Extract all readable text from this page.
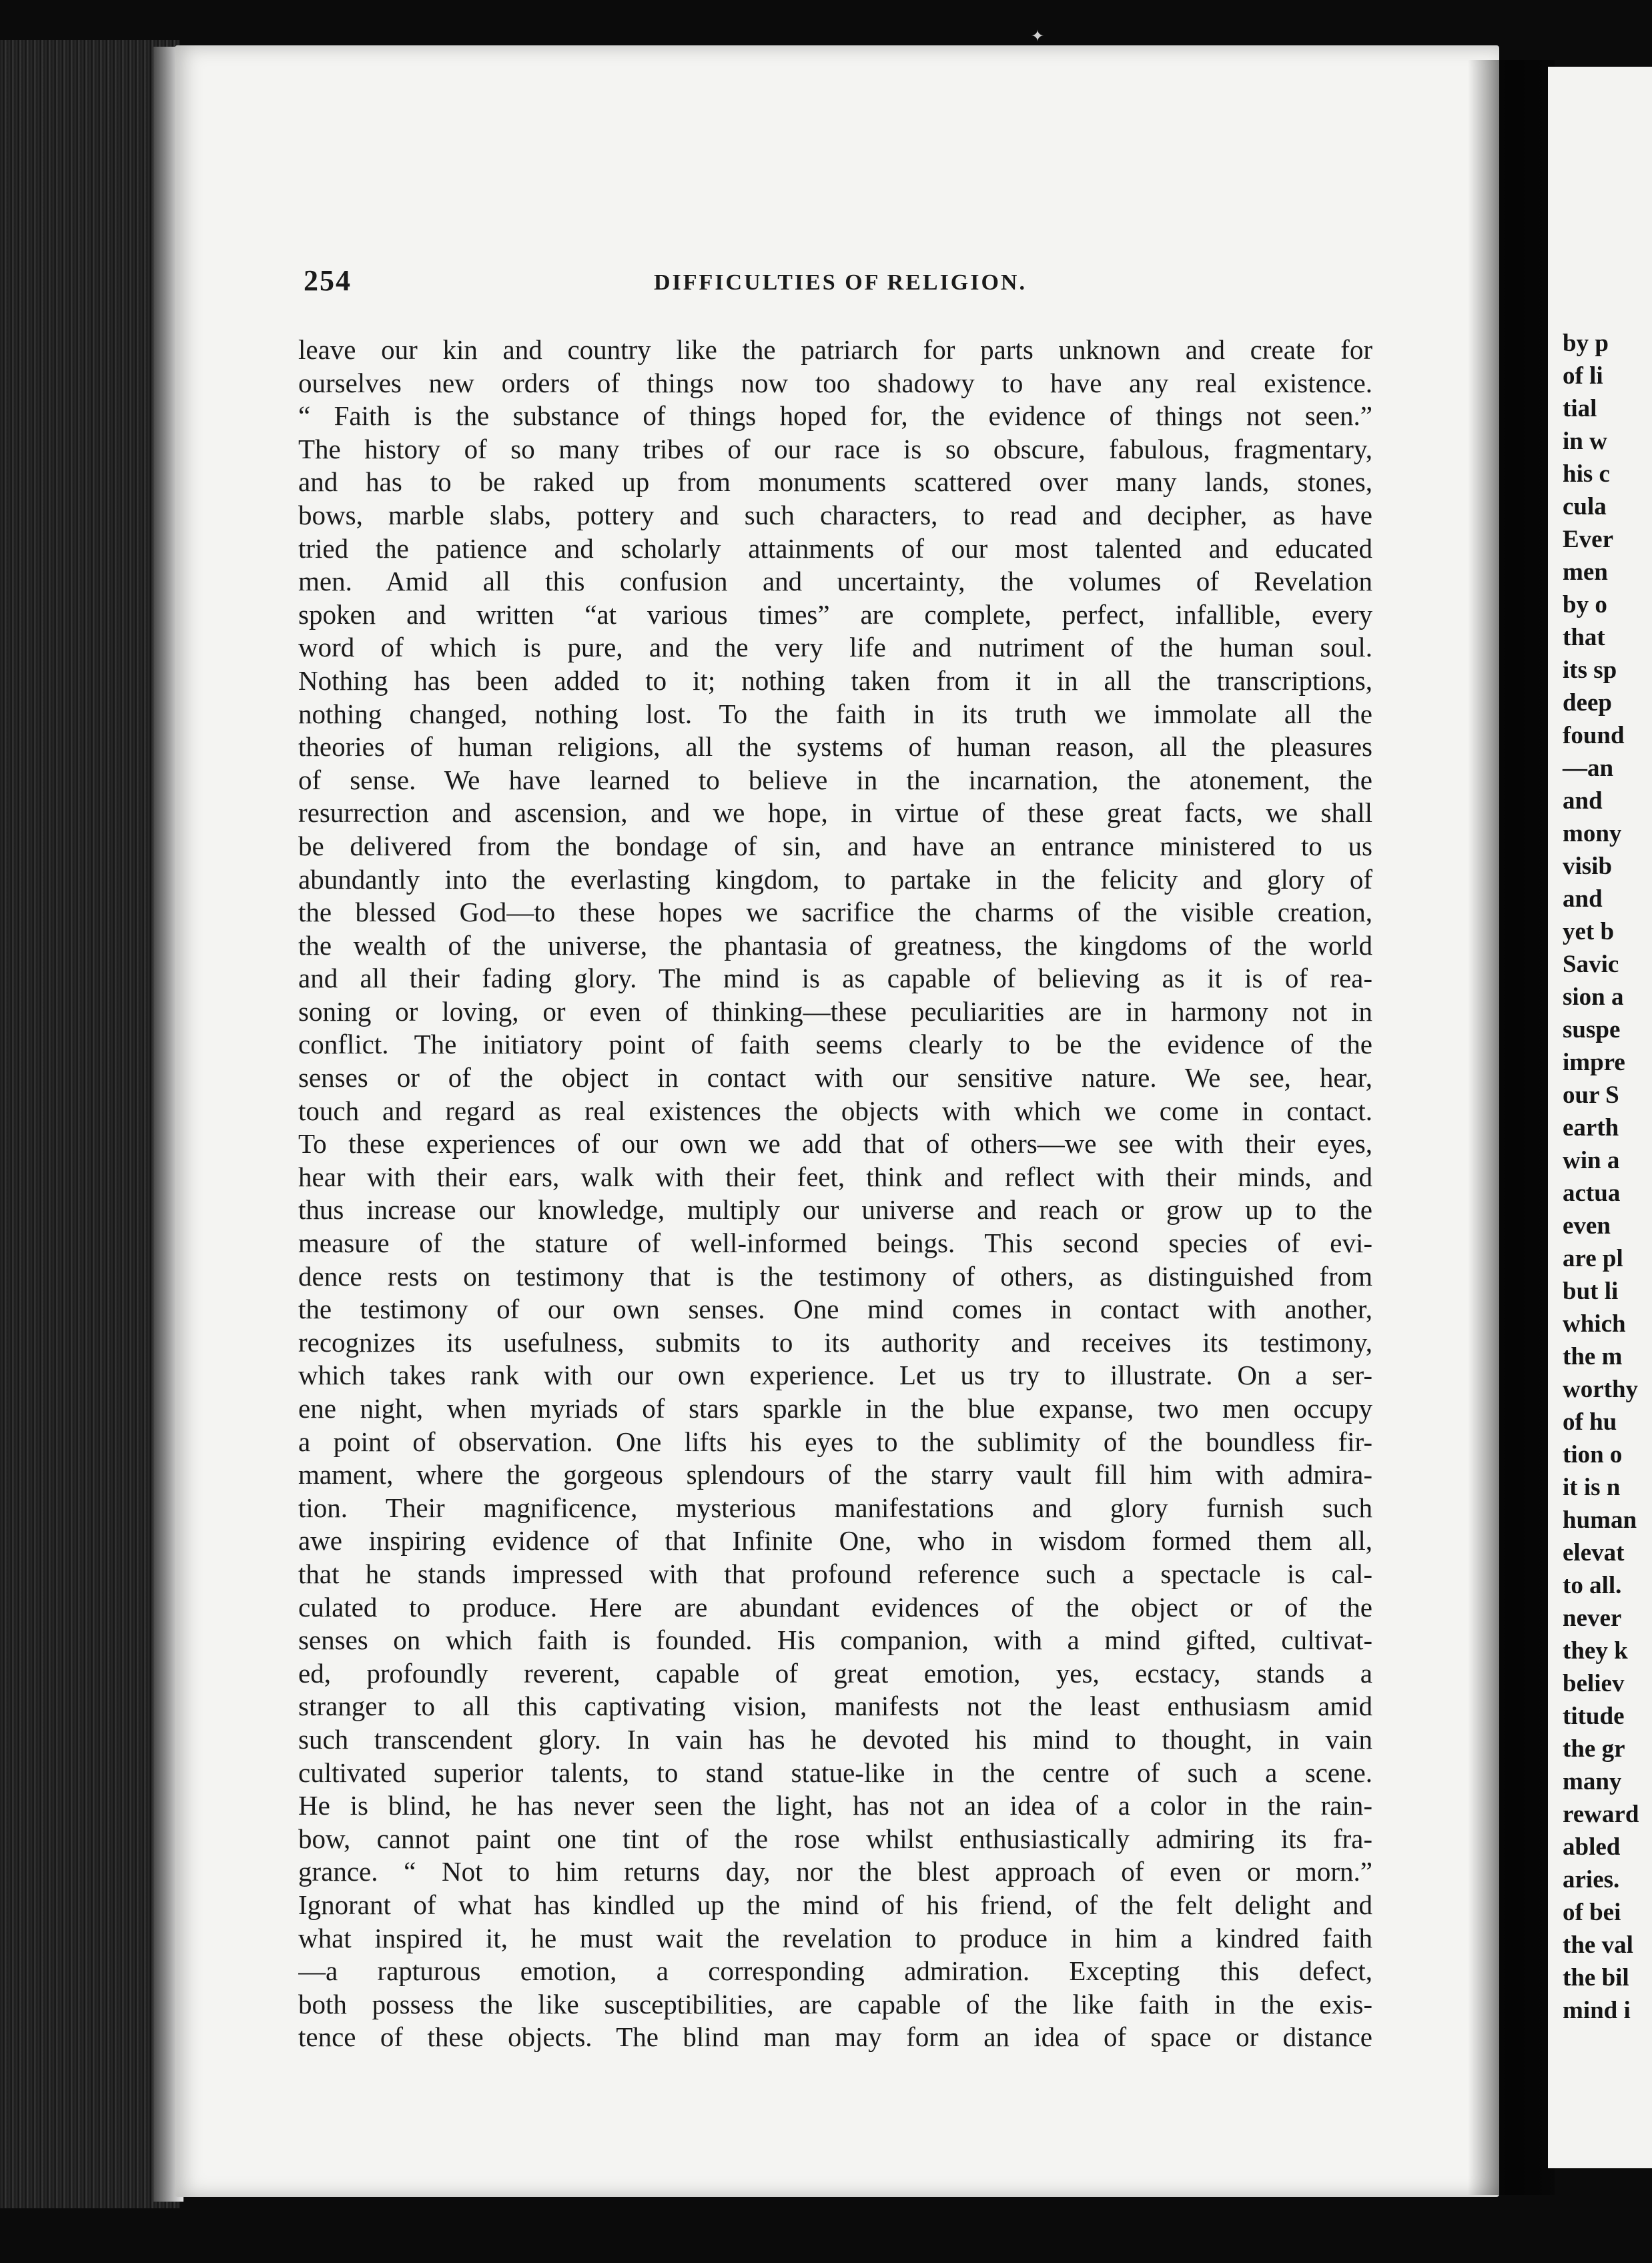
254	DIFFICULTIES OF RELIGION.
leave our kin and country like the patriarch for parts unknown and create for
ourselves new orders of things now too shadowy to have any real existence.
“ Faith is the substance of things hoped for, the evidence of things not seen.”
The history of so many tribes of our race is so obscure, fabulous, fragmentary,
and has to be raked up from monuments scattered over many lands, stones,
bows, marble slabs, pottery and such characters, to read and decipher, as have
tried the patience and scholarly attainments of our most talented and educated
men. Amid all this confusion and uncertainty, the volumes of Revelation
spoken and written “at various times” are complete, perfect, infallible, every
word of which is pure, and the very life and nutriment of the human soul.
Nothing has been added to it; nothing taken from it in all the transcriptions,
nothing changed, nothing lost. To the faith in its truth we immolate all the
theories of human religions, all the systems of human reason, all the pleasures
of sense. We have learned to believe in the incarnation, the atonement, the
resurrection and ascension, and we hope, in virtue of these great facts, we shall
be delivered from the bondage of sin, and have an entrance ministered to us
abundantly into the everlasting kingdom, to partake in the felicity and glory of
the blessed God—to these hopes we sacrifice the charms of the visible creation,
the wealth of the universe, the phantasia of greatness, the kingdoms of the world
and all their fading glory. The mind is as capable of believing as it is of rea-
soning or loving, or even of thinking—these peculiarities are in harmony not in
conflict. The initiatory point of faith seems clearly to be the evidence of the
senses or of the object in contact with our sensitive nature. We see, hear,
touch and regard as real existences the objects with which we come in contact.
To these experiences of our own we add that of others—we see with their eyes,
hear with their ears, walk with their feet, think and reflect with their minds, and
thus increase our knowledge, multiply our universe and reach or grow up to the
measure of the stature of well-informed beings. This second species of evi-
dence rests on testimony that is the testimony of others, as distinguished from
the testimony of our own senses. One mind comes in contact with another,
recognizes its usefulness, submits to its authority and receives its testimony,
which takes rank with our own experience. Let us try to illustrate. On a ser-
ene night, when myriads of stars sparkle in the blue expanse, two men occupy
a point of observation. One lifts his eyes to the sublimity of the boundless fir-
mament, where the gorgeous splendours of the starry vault fill him with admira-
tion. Their magnificence, mysterious manifestations and glory furnish such
awe inspiring evidence of that Infinite One, who in wisdom formed them all,
that he stands impressed with that profound reference such a spectacle is cal-
culated to produce. Here are abundant evidences of the object or of the
senses on which faith is founded. His companion, with a mind gifted, cultivat-
ed, profoundly reverent, capable of great emotion, yes, ecstacy, stands a
stranger to all this captivating vision, manifests not the least enthusiasm amid
such transcendent glory. In vain has he devoted his mind to thought, in vain
cultivated superior talents, to stand statue-like in the centre of such a scene.
He is blind, he has never seen the light, has not an idea of a color in the rain-
bow, cannot paint one tint of the rose whilst enthusiastically admiring its fra-
grance. “ Not to him returns day, nor the blest approach of even or morn.”
Ignorant of what has kindled up the mind of his friend, of the felt delight and
what inspired it, he must wait the revelation to produce in him a kindred faith
—a rapturous emotion, a corresponding admiration. Excepting this defect,
both possess the like susceptibilities, are capable of the like faith in the exis-
tence of these objects. The blind man may form an idea of space or distance
by p
of li
tial
in w
his c
cula
Ever
men
by o
that
its sp
deep
found
—an
and
mony
visib
and
yet b
Savic
sion a
suspe
impre
our S
earth
win a
actua
even
are pl
but li
which
the m
worthy
of hu
tion o
it is n
human
elevat
to all.
never
they k
believ
titude
the gr
many
reward
abled
aries.
of bei
the val
the bil
mind i
✦
